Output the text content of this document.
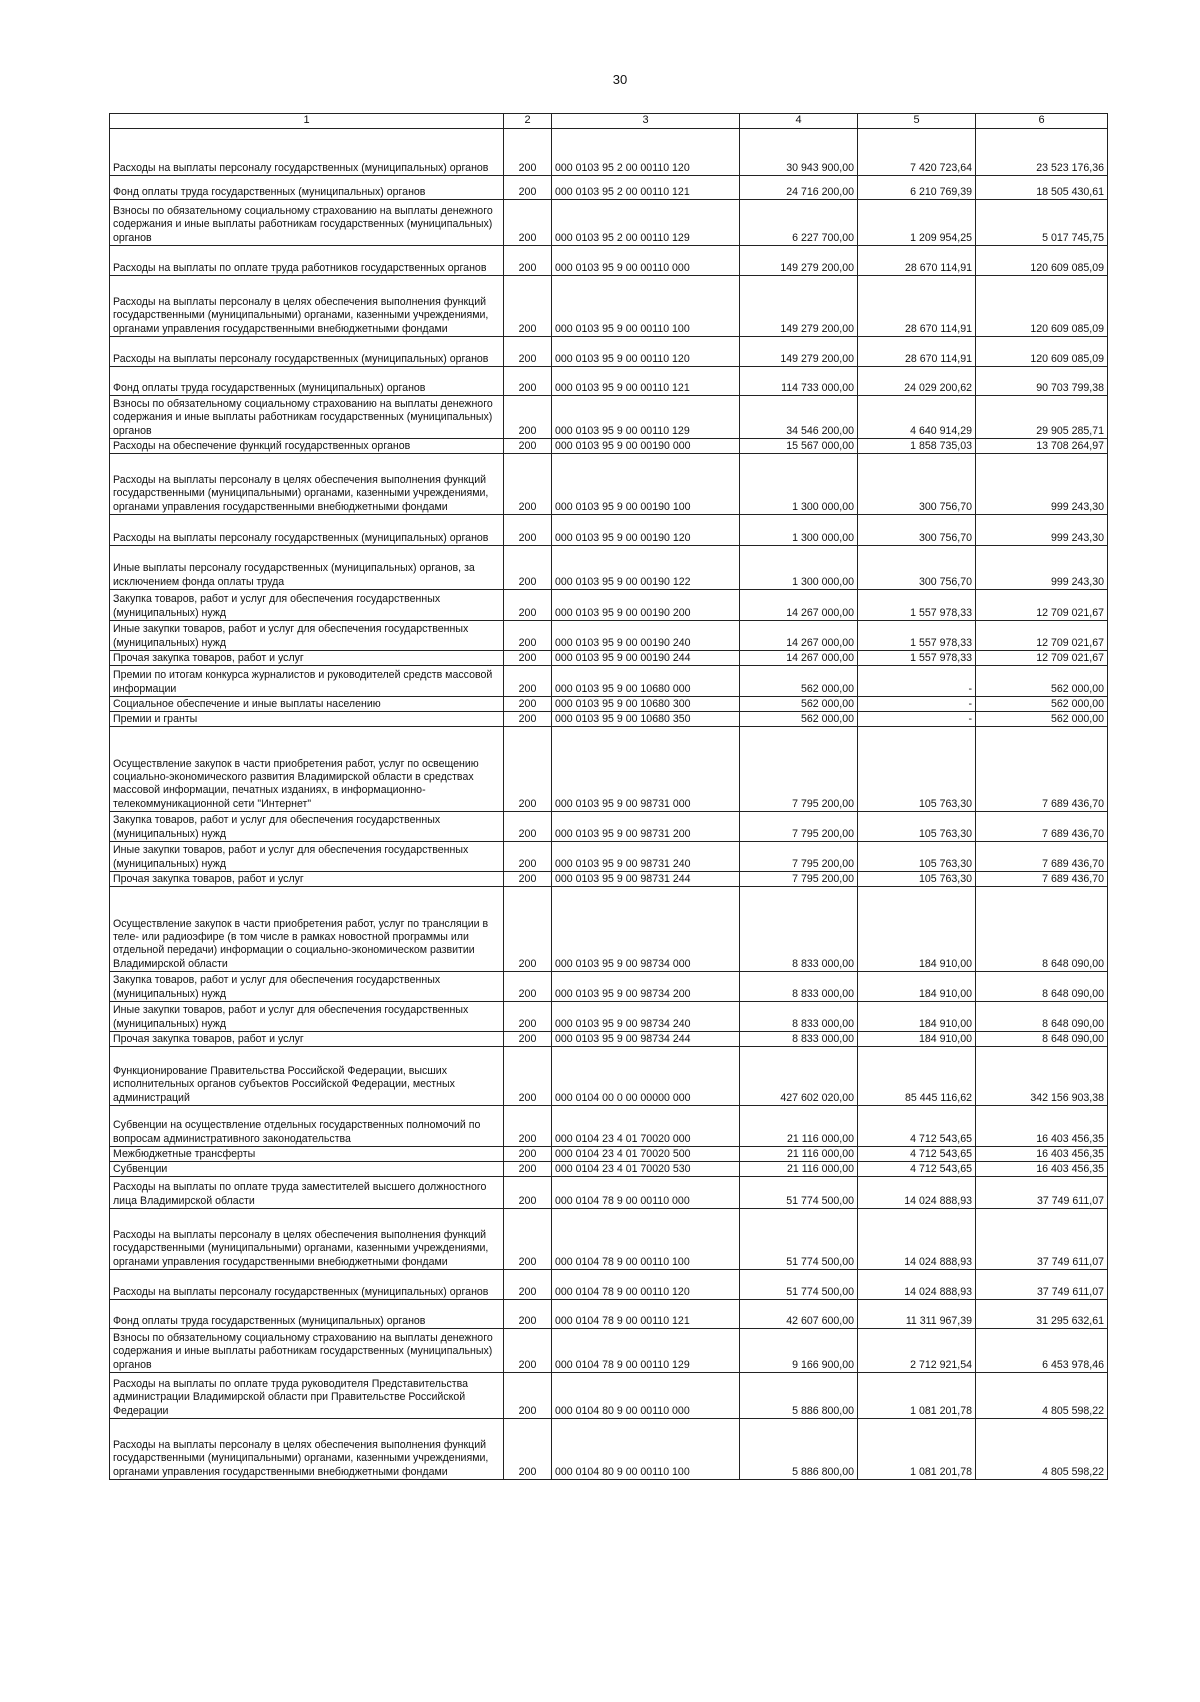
30
1	2	3	4	5	6
Расходы на выплаты персоналу государственных (муниципальных) органов	200	000 0103 95 2 00 00110 120	30 943 900,00	7 420 723,64	23 523 176,36
Фонд оплаты труда государственных (муниципальных) органов	200	000 0103 95 2 00 00110 121	24 716 200,00	6 210 769,39	18 505 430,61
Взносы по обязательному социальному страхованию на выплаты денежного содержания и иные выплаты работникам государственных (муниципальных) органов	200	000 0103 95 2 00 00110 129	6 227 700,00	1 209 954,25	5 017 745,75
Расходы на выплаты по оплате труда работников государственных органов	200	000 0103 95 9 00 00110 000	149 279 200,00	28 670 114,91	120 609 085,09
Расходы на выплаты персоналу в целях обеспечения выполнения функций государственными (муниципальными) органами, казенными учреждениями, органами управления государственными внебюджетными фондами	200	000 0103 95 9 00 00110 100	149 279 200,00	28 670 114,91	120 609 085,09
Расходы на выплаты персоналу государственных (муниципальных) органов	200	000 0103 95 9 00 00110 120	149 279 200,00	28 670 114,91	120 609 085,09
Фонд оплаты труда государственных (муниципальных) органов	200	000 0103 95 9 00 00110 121	114 733 000,00	24 029 200,62	90 703 799,38
Взносы по обязательному социальному страхованию на выплаты денежного содержания и иные выплаты работникам государственных (муниципальных) органов	200	000 0103 95 9 00 00110 129	34 546 200,00	4 640 914,29	29 905 285,71
Расходы на обеспечение функций государственных органов	200	000 0103 95 9 00 00190 000	15 567 000,00	1 858 735,03	13 708 264,97
Расходы на выплаты персоналу в целях обеспечения выполнения функций государственными (муниципальными) органами, казенными учреждениями, органами управления государственными внебюджетными фондами	200	000 0103 95 9 00 00190 100	1 300 000,00	300 756,70	999 243,30
Расходы на выплаты персоналу государственных (муниципальных) органов	200	000 0103 95 9 00 00190 120	1 300 000,00	300 756,70	999 243,30
Иные выплаты персоналу государственных (муниципальных) органов, за исключением фонда оплаты труда	200	000 0103 95 9 00 00190 122	1 300 000,00	300 756,70	999 243,30
Закупка товаров, работ и услуг для обеспечения государственных (муниципальных) нужд	200	000 0103 95 9 00 00190 200	14 267 000,00	1 557 978,33	12 709 021,67
Иные закупки товаров, работ и услуг для обеспечения государственных (муниципальных) нужд	200	000 0103 95 9 00 00190 240	14 267 000,00	1 557 978,33	12 709 021,67
Прочая закупка товаров, работ и услуг	200	000 0103 95 9 00 00190 244	14 267 000,00	1 557 978,33	12 709 021,67
Премии по итогам конкурса журналистов и руководителей средств массовой информации	200	000 0103 95 9 00 10680 000	562 000,00	-	562 000,00
Социальное обеспечение и иные выплаты населению	200	000 0103 95 9 00 10680 300	562 000,00	-	562 000,00
Премии и гранты	200	000 0103 95 9 00 10680 350	562 000,00	-	562 000,00
Осуществление закупок в части приобретения работ, услуг по освещению социально-экономического развития Владимирской области в средствах массовой информации, печатных изданиях, в информационно-телекоммуникационной сети "Интернет"	200	000 0103 95 9 00 98731 000	7 795 200,00	105 763,30	7 689 436,70
Закупка товаров, работ и услуг для обеспечения государственных (муниципальных) нужд	200	000 0103 95 9 00 98731 200	7 795 200,00	105 763,30	7 689 436,70
Иные закупки товаров, работ и услуг для обеспечения государственных (муниципальных) нужд	200	000 0103 95 9 00 98731 240	7 795 200,00	105 763,30	7 689 436,70
Прочая закупка товаров, работ и услуг	200	000 0103 95 9 00 98731 244	7 795 200,00	105 763,30	7 689 436,70
Осуществление закупок в части приобретения работ, услуг по трансляции в теле- или радиоэфире (в том числе в рамках новостной программы или отдельной передачи) информации о социально-экономическом развитии Владимирской области	200	000 0103 95 9 00 98734 000	8 833 000,00	184 910,00	8 648 090,00
Закупка товаров, работ и услуг для обеспечения государственных (муниципальных) нужд	200	000 0103 95 9 00 98734 200	8 833 000,00	184 910,00	8 648 090,00
Иные закупки товаров, работ и услуг для обеспечения государственных (муниципальных) нужд	200	000 0103 95 9 00 98734 240	8 833 000,00	184 910,00	8 648 090,00
Прочая закупка товаров, работ и услуг	200	000 0103 95 9 00 98734 244	8 833 000,00	184 910,00	8 648 090,00
Функционирование Правительства Российской Федерации, высших исполнительных органов субъектов Российской Федерации, местных администраций	200	000 0104 00 0 00 00000 000	427 602 020,00	85 445 116,62	342 156 903,38
Субвенции на осуществление отдельных государственных полномочий по вопросам административного законодательства	200	000 0104 23 4 01 70020 000	21 116 000,00	4 712 543,65	16 403 456,35
Межбюджетные трансферты	200	000 0104 23 4 01 70020 500	21 116 000,00	4 712 543,65	16 403 456,35
Субвенции	200	000 0104 23 4 01 70020 530	21 116 000,00	4 712 543,65	16 403 456,35
Расходы на выплаты по оплате труда заместителей высшего должностного лица Владимирской области	200	000 0104 78 9 00 00110 000	51 774 500,00	14 024 888,93	37 749 611,07
Расходы на выплаты персоналу в целях обеспечения выполнения функций государственными (муниципальными) органами, казенными учреждениями, органами управления государственными внебюджетными фондами	200	000 0104 78 9 00 00110 100	51 774 500,00	14 024 888,93	37 749 611,07
Расходы на выплаты персоналу государственных (муниципальных) органов	200	000 0104 78 9 00 00110 120	51 774 500,00	14 024 888,93	37 749 611,07
Фонд оплаты труда государственных (муниципальных) органов	200	000 0104 78 9 00 00110 121	42 607 600,00	11 311 967,39	31 295 632,61
Взносы по обязательному социальному страхованию на выплаты денежного содержания и иные выплаты работникам государственных (муниципальных) органов	200	000 0104 78 9 00 00110 129	9 166 900,00	2 712 921,54	6 453 978,46
Расходы на выплаты по оплате труда руководителя Представительства администрации Владимирской области при Правительстве Российской Федерации	200	000 0104 80 9 00 00110 000	5 886 800,00	1 081 201,78	4 805 598,22
Расходы на выплаты персоналу в целях обеспечения выполнения функций государственными (муниципальными) органами, казенными учреждениями, органами управления государственными внебюджетными фондами	200	000 0104 80 9 00 00110 100	5 886 800,00	1 081 201,78	4 805 598,22
